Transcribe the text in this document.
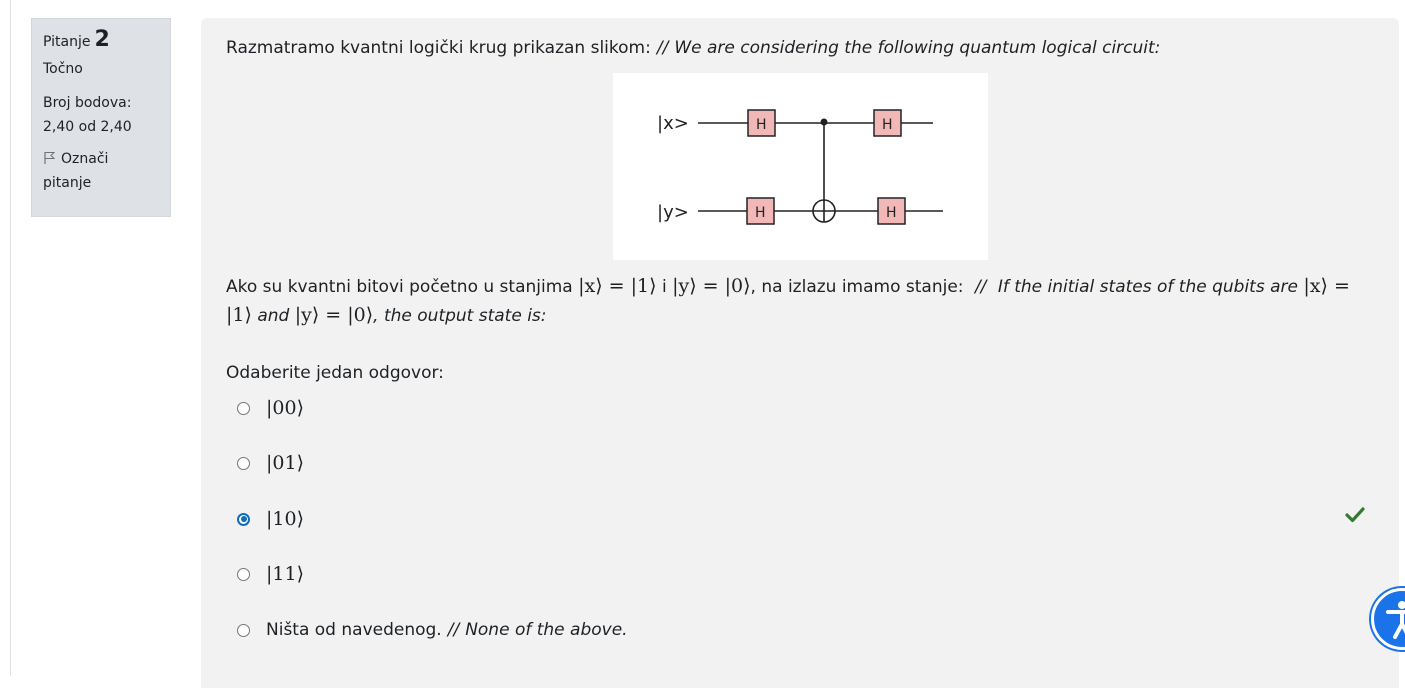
Pitanje 2
Točno
Broj bodova:
2,40 od 2,40
Označi
pitanje
Razmatramo kvantni logički krug prikazan slikom: // We are considering the following quantum logical circuit:
|x>
|y>
H	H
H	H
Ako su kvantni bitovi početno u stanjima |x⟩ = |1⟩ i |y⟩ = |0⟩, na izlazu imamo stanje: // If the initial states of the qubits are |x⟩ = |1⟩ and |y⟩ = |0⟩, the output state is:
Odaberite jedan odgovor:
|00⟩
|01⟩
|10⟩
|11⟩
Ništa od navedenog. // None of the above.
